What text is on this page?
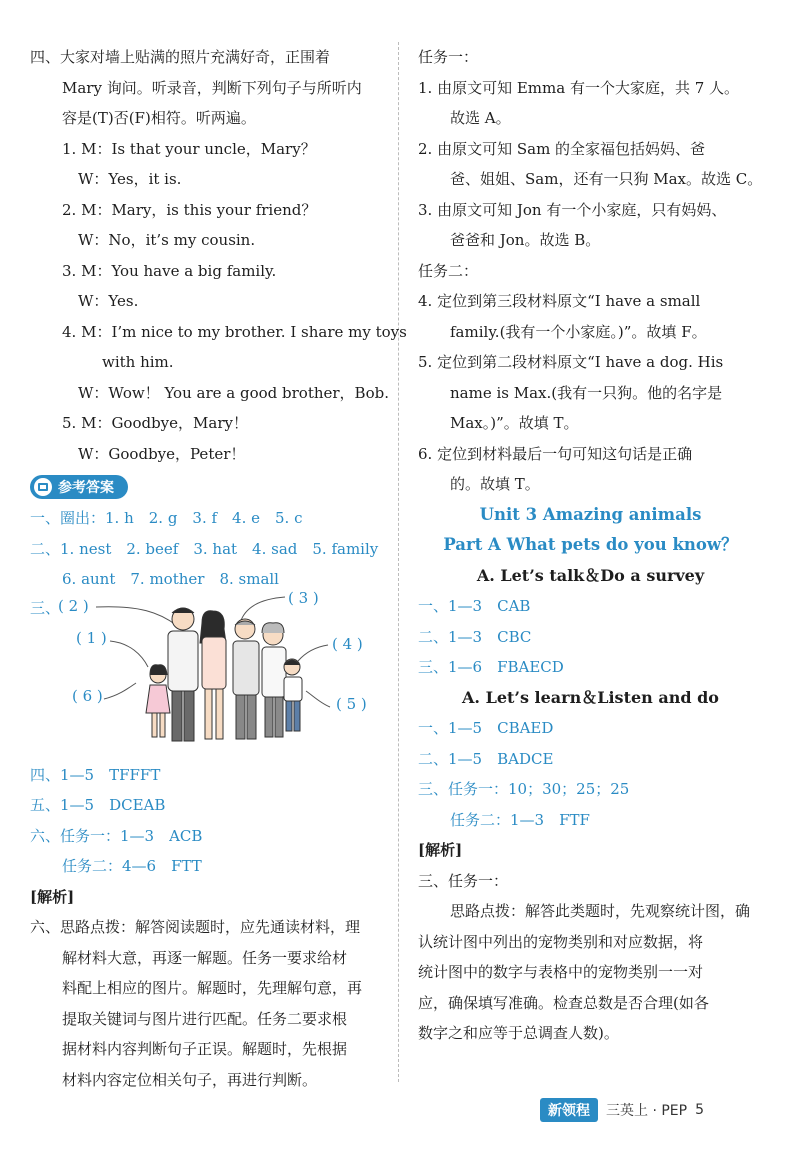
四、大家对墙上贴满的照片充满好奇，正围着
Mary 询问。听录音，判断下列句子与所听内
容是(T)否(F)相符。听两遍。
1. M：Is that your uncle，Mary？
W：Yes，it is.
2. M：Mary，is this your friend？
W：No，it’s my cousin.
3. M：You have a big family.
W：Yes.
4. M：I’m nice to my brother. I share my toys
with him.
W：Wow！ You are a good brother，Bob.
5. M：Goodbye，Mary！
W：Goodbye，Peter！
参考答案
一、圈出：1. h　2. g　3. f　4. e　5. c
二、1. nest　2. beef　3. hat　4. sad　5. family
6. aunt　7. mother　8. small
三、
( 2 )	( 3 )
( 1 )	( 4 )
( 6 )	( 5 )
四、1—5　TFFFT
五、1—5　DCEAB
六、任务一：1—3　ACB
任务二：4—6　FTT
[解析]
六、思路点拨：解答阅读题时，应先通读材料，理
解材料大意，再逐一解题。任务一要求给材
料配上相应的图片。解题时，先理解句意，再
提取关键词与图片进行匹配。任务二要求根
据材料内容判断句子正误。解题时，先根据
材料内容定位相关句子，再进行判断。
任务一：
1. 由原文可知 Emma 有一个大家庭，共 7 人。
故选 A。
2. 由原文可知 Sam 的全家福包括妈妈、爸
爸、姐姐、Sam，还有一只狗 Max。故选 C。
3. 由原文可知 Jon 有一个小家庭，只有妈妈、
爸爸和 Jon。故选 B。
任务二：
4. 定位到第三段材料原文“I have a small
family.(我有一个小家庭。)”。故填 F。
5. 定位到第二段材料原文“I have a dog. His
name is Max.(我有一只狗。他的名字是
Max。)”。故填 T。
6. 定位到材料最后一句可知这句话是正确
的。故填 T。
Unit 3 Amazing animals
Part A What pets do you know？
A. Let’s talk＆Do a survey
一、1—3　CAB
二、1—3　CBC
三、1—6　FBAECD
A. Let’s learn＆Listen and do
一、1—5　CBAED
二、1—5　BADCE
三、任务一：10；30；25；25
任务二：1—3　FTF
[解析]
三、任务一：
思路点拨：解答此类题时，先观察统计图，确
认统计图中列出的宠物类别和对应数据，将
统计图中的数字与表格中的宠物类别一一对
应，确保填写准确。检查总数是否合理(如各
数字之和应等于总调查人数)。
新领程	三英上 · PEP 5
